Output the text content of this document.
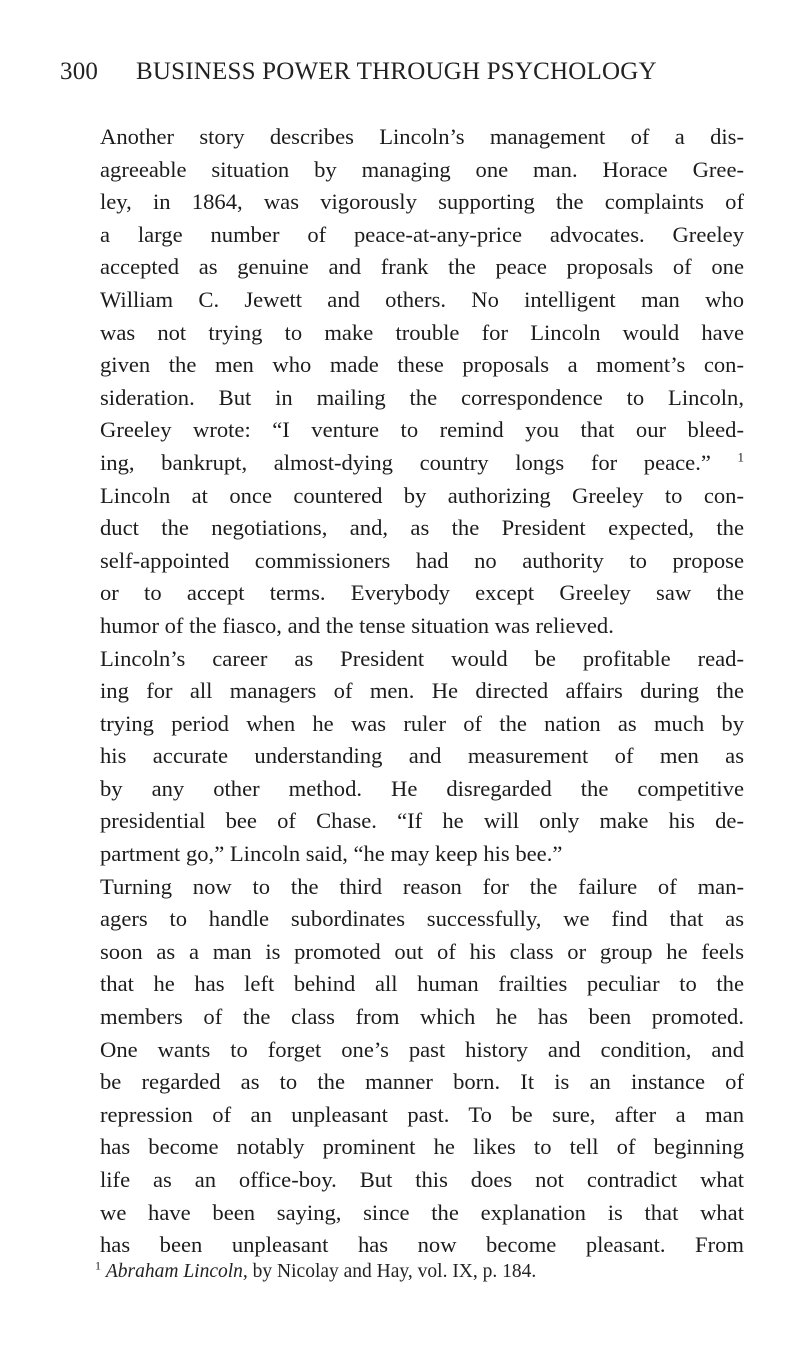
300	BUSINESS POWER THROUGH PSYCHOLOGY

Another story describes Lincoln’s management of a dis-
agreeable situation by managing one man. Horace Gree-
ley, in 1864, was vigorously supporting the complaints of
a large number of peace-at-any-price advocates. Greeley
accepted as genuine and frank the peace proposals of one
William C. Jewett and others. No intelligent man who
was not trying to make trouble for Lincoln would have
given the men who made these proposals a moment’s con-
sideration. But in mailing the correspondence to Lincoln,
Greeley wrote: “I venture to remind you that our bleed-
ing, bankrupt, almost-dying country longs for peace.” $^1$
Lincoln at once countered by authorizing Greeley to con-
duct the negotiations, and, as the President expected, the
self-appointed commissioners had no authority to propose
or to accept terms. Everybody except Greeley saw the
humor of the fiasco, and the tense situation was relieved.

Lincoln’s career as President would be profitable read-
ing for all managers of men. He directed affairs during the
trying period when he was ruler of the nation as much by
his accurate understanding and measurement of men as
by any other method. He disregarded the competitive
presidential bee of Chase. “If he will only make his de-
partment go,” Lincoln said, “he may keep his bee.”

Turning now to the third reason for the failure of man-
agers to handle subordinates successfully, we find that as
soon as a man is promoted out of his class or group he feels
that he has left behind all human frailties peculiar to the
members of the class from which he has been promoted.
One wants to forget one’s past history and condition, and
be regarded as to the manner born. It is an instance of
repression of an unpleasant past. To be sure, after a man
has become notably prominent he likes to tell of beginning
life as an office-boy. But this does not contradict what
we have been saying, since the explanation is that what
has been unpleasant has now become pleasant. From

$^1$ Abraham Lincoln, by Nicolay and Hay, vol. IX, p. 184.
